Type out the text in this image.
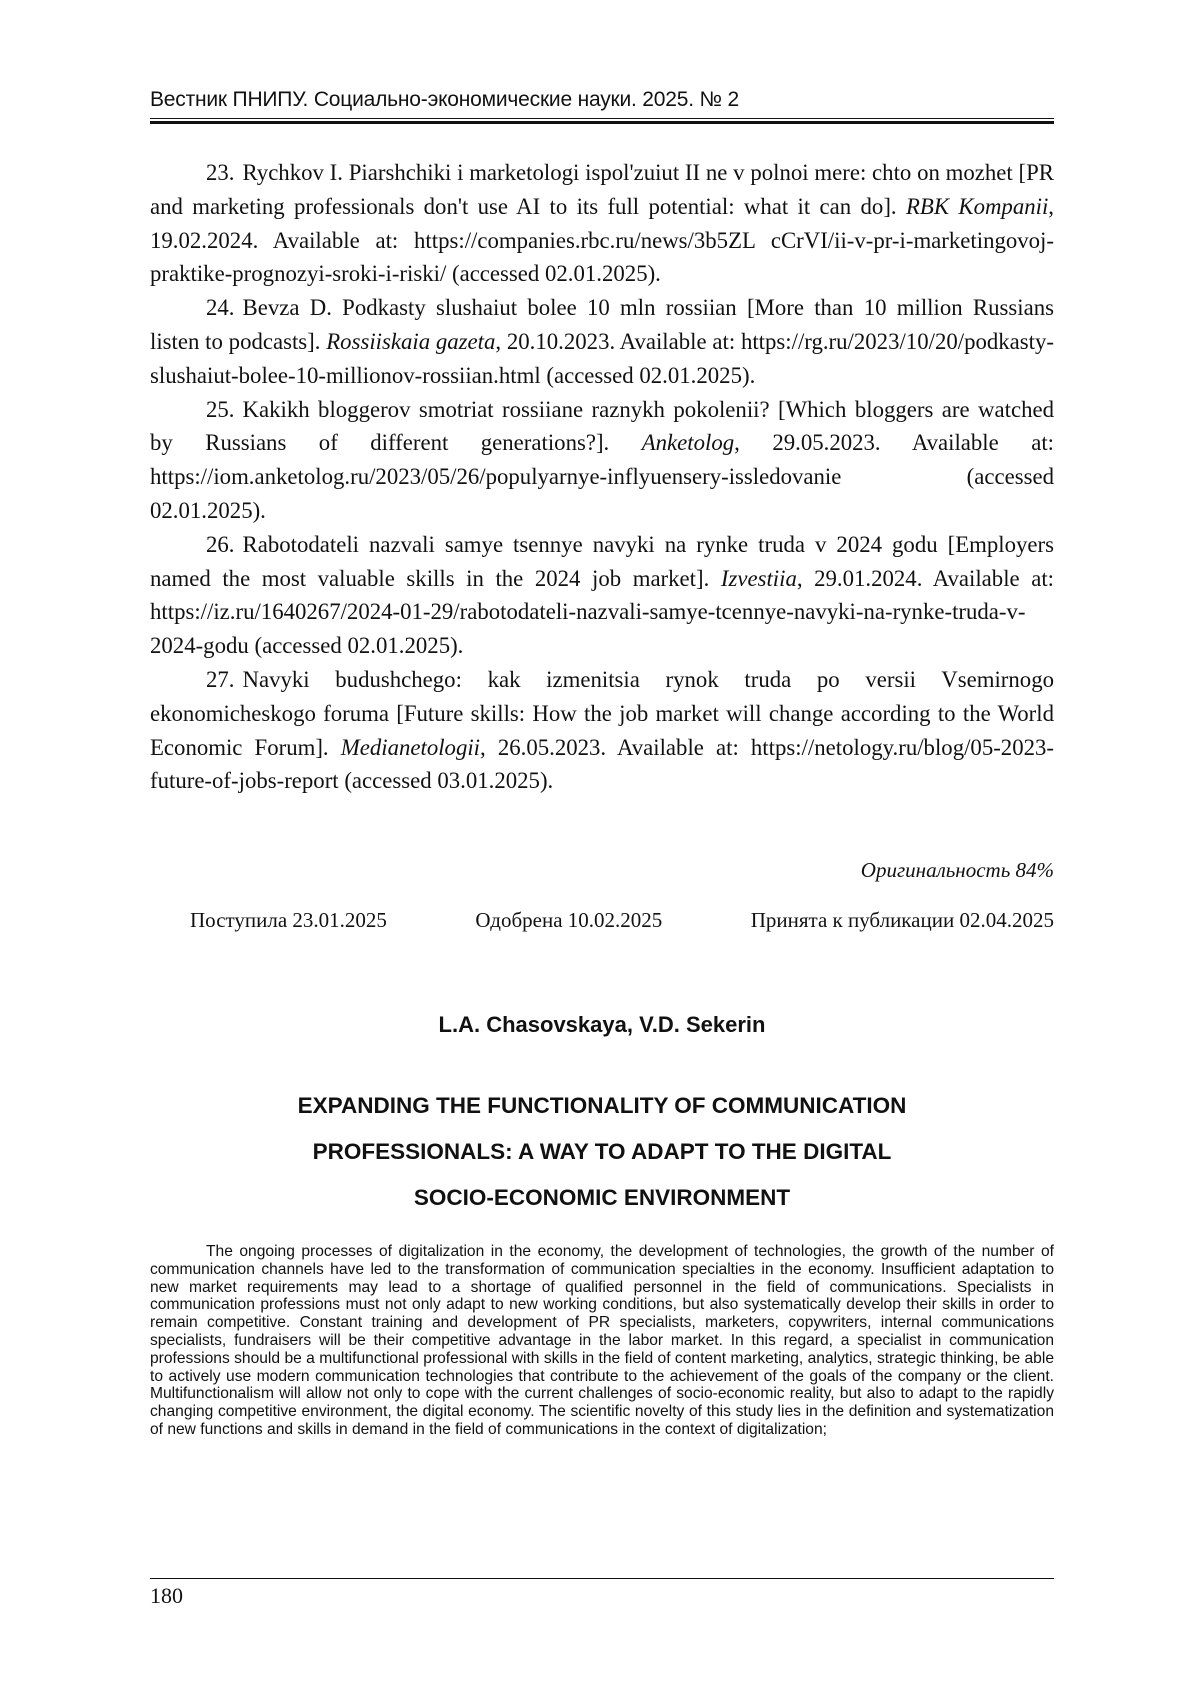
Вестник ПНИПУ. Социально-экономические науки. 2025. № 2

23. Rychkov I. Piarshchiki i marketologi ispol'zuiut II ne v polnoi mere: chto on mozhet [PR and marketing professionals don't use AI to its full potential: what it can do]. RBK Kompanii, 19.02.2024. Available at: https://companies.rbc.ru/news/3b5ZL cCrVI/ii-v-pr-i-marketingovoj-praktike-prognozyi-sroki-i-riski/ (accessed 02.01.2025).

24. Bevza D. Podkasty slushaiut bolee 10 mln rossiian [More than 10 million Russians listen to podcasts]. Rossiiskaia gazeta, 20.10.2023. Available at: https://rg.ru/2023/10/20/podkasty-slushaiut-bolee-10-millionov-rossiian.html (accessed 02.01.2025).

25. Kakikh bloggerov smotriat rossiiane raznykh pokolenii? [Which bloggers are watched by Russians of different generations?]. Anketolog, 29.05.2023. Available at: https://iom.anketolog.ru/2023/05/26/populyarnye-inflyuensery-issledovanie (accessed 02.01.2025).

26. Rabotodateli nazvali samye tsennye navyki na rynke truda v 2024 godu [Employers named the most valuable skills in the 2024 job market]. Izvestiia, 29.01.2024. Available at: https://iz.ru/1640267/2024-01-29/rabotodateli-nazvali-samye-tcennye-navyki-na-rynke-truda-v-2024-godu (accessed 02.01.2025).

27. Navyki budushchego: kak izmenitsia rynok truda po versii Vsemirnogo ekonomicheskogo foruma [Future skills: How the job market will change according to the World Economic Forum]. Medianetologii, 26.05.2023. Available at: https://netology.ru/blog/05-2023-future-of-jobs-report (accessed 03.01.2025).

Оригинальность 84%
Поступила 23.01.2025	Одобрена 10.02.2025	Принята к публикации 02.04.2025
L.A. Chasovskaya, V.D. Sekerin
EXPANDING THE FUNCTIONALITY OF COMMUNICATION
PROFESSIONALS: A WAY TO ADAPT TO THE DIGITAL
SOCIO-ECONOMIC ENVIRONMENT

The ongoing processes of digitalization in the economy, the development of technologies, the growth of the number of communication channels have led to the transformation of communication specialties in the economy. Insufficient adaptation to new market requirements may lead to a shortage of qualified personnel in the field of communications. Specialists in communication professions must not only adapt to new working conditions, but also systematically develop their skills in order to remain competitive. Constant training and development of PR specialists, marketers, copywriters, internal communications specialists, fundraisers will be their competitive advantage in the labor market. In this regard, a specialist in communication professions should be a multifunctional professional with skills in the field of content marketing, analytics, strategic thinking, be able to actively use modern communication technologies that contribute to the achievement of the goals of the company or the client. Multifunctionalism will allow not only to cope with the current challenges of socio-economic reality, but also to adapt to the rapidly changing competitive environment, the digital economy. The scientific novelty of this study lies in the definition and systematization of new functions and skills in demand in the field of communications in the context of digitalization;

180
